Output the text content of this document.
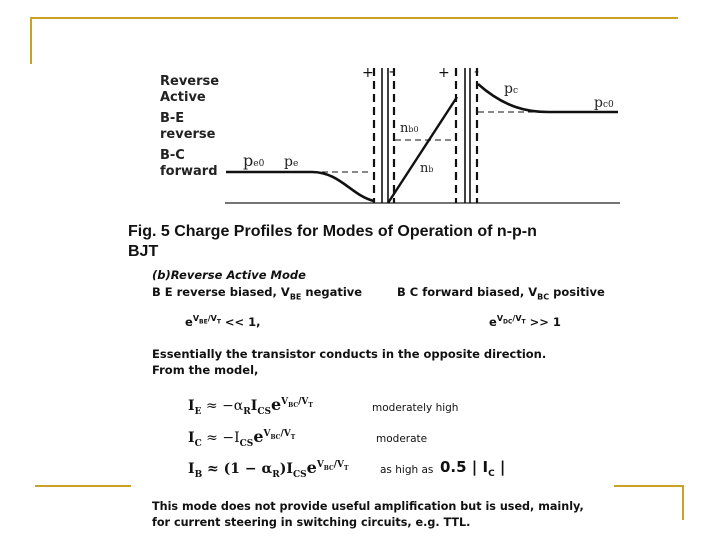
pe0 pe
nb0
nb
pc
pc0
+ -	+ -
Reverse
Active
B-E
reverse
B-C
forward
Fig. 5 Charge Profiles for Modes of Operation of n-p-n
BJT
(b)Reverse Active Mode
B E reverse biased, $V_{BE}$ negative	B C forward biased, $V_{BC}$ positive
$e^{V_{BE}/V_T} << 1$,	$e^{V_{DC}/V_T} >> 1$
Essentially the transistor conducts in the opposite direction.
From the model,
$I_E \approx -\alpha_RI_{CS}e^{V_{BC}/V_T}$	moderately high
$I_C \approx -I_{CS}e^{V_{BC}/V_T}$	moderate
$I_B \approx (1 - \alpha_R)I_{CS}e^{V_{BC}/V_T}$	as high as 0.5 | $I_C$ |
This mode does not provide useful amplification but is used, mainly,
for current steering in switching circuits, e.g. TTL.
